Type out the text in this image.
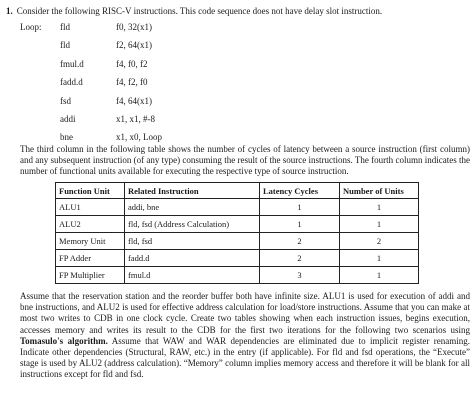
1. Consider the following RISC-V instructions. This code sequence does not have delay slot instruction.
Loop: fld	f0, 32(x1)
fld	f2, 64(x1)
fmul.d	f4, f0, f2
fadd.d	f4, f2, f0
fsd	f4, 64(x1)
addi	x1, x1, #-8
bne	x1, x0, Loop
The third column in the following table shows the number of cycles of latency between a source instruction (first column) and any subsequent instruction (of any type) consuming the result of the source instructions. The fourth column indicates the number of functional units available for executing the respective type of source instruction.
Function Unit	Related Instruction	Latency Cycles	Number of Units
ALU1	addi, bne	1	1
ALU2	fld, fsd (Address Calculation)	1	1
Memory Unit	fld, fsd	2	2
FP Adder	fadd.d	2	1
FP Multiplier	fmul.d	3	1
Assume that the reservation station and the reorder buffer both have infinite size. ALU1 is used for execution of addi and bne instructions, and ALU2 is used for effective address calculation for load/store instructions. Assume that you can make at most two writes to CDB in one clock cycle. Create two tables showing when each instruction issues, begins execution, accesses memory and writes its result to the CDB for the first two iterations for the following two scenarios using Tomasulo's algorithm. Assume that WAW and WAR dependencies are eliminated due to implicit register renaming. Indicate other dependencies (Structural, RAW, etc.) in the entry (if applicable). For fld and fsd operations, the “Execute” stage is used by ALU2 (address calculation). “Memory” column implies memory access and therefore it will be blank for all instructions except for fld and fsd.
